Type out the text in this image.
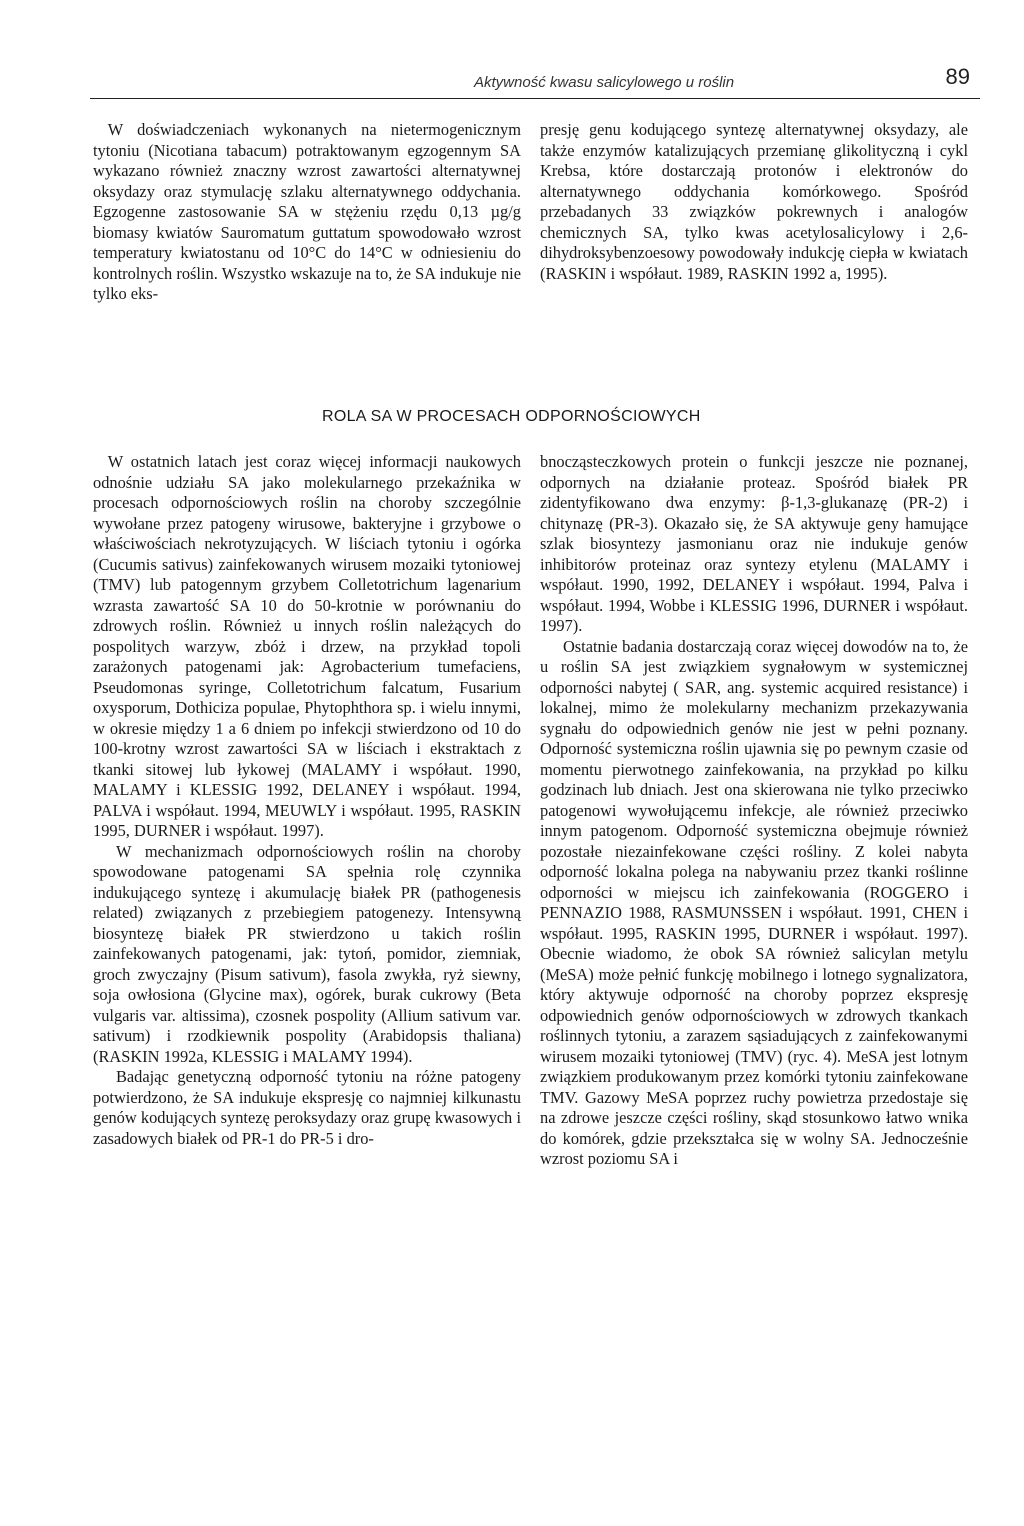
Aktywność kwasu salicylowego u roślin	89

W doświadczeniach wykonanych na nietermogenicznym tytoniu (Nicotiana tabacum) potraktowanym egzogennym SA wykazano również znaczny wzrost zawartości alternatywnej oksydazy oraz stymulację szlaku alternatywnego oddychania. Egzogenne zastosowanie SA w stężeniu rzędu 0,13 µg/g biomasy kwiatów Sauromatum guttatum spowodowało wzrost temperatury kwiatostanu od 10°C do 14°C w odniesieniu do kontrolnych roślin. Wszystko wskazuje na to, że SA indukuje nie tylko eks-

presję genu kodującego syntezę alternatywnej oksydazy, ale także enzymów katalizujących przemianę glikolityczną i cykl Krebsa, które dostarczają protonów i elektronów do alternatywnego oddychania komórkowego. Spośród przebadanych 33 związków pokrewnych i analogów chemicznych SA, tylko kwas acetylosalicylowy i 2,6-dihydroksybenzoesowy powodowały indukcję ciepła w kwiatach (RASKIN i współaut. 1989, RASKIN 1992 a, 1995).

ROLA SA W PROCESACH ODPORNOŚCIOWYCH

W ostatnich latach jest coraz więcej informacji naukowych odnośnie udziału SA jako molekularnego przekaźnika w procesach odpornościowych roślin na choroby szczególnie wywołane przez patogeny wirusowe, bakteryjne i grzybowe o właściwościach nekrotyzujących. W liściach tytoniu i ogórka (Cucumis sativus) zainfekowanych wirusem mozaiki tytoniowej (TMV) lub patogennym grzybem Colletotrichum lagenarium wzrasta zawartość SA 10 do 50-krotnie w porównaniu do zdrowych roślin. Również u innych roślin należących do pospolitych warzyw, zbóż i drzew, na przykład topoli zarażonych patogenami jak: Agrobacterium tumefaciens, Pseudomonas syringe, Colletotrichum falcatum, Fusarium oxysporum, Dothiciza populae, Phytophthora sp. i wielu innymi, w okresie między 1 a 6 dniem po infekcji stwierdzono od 10 do 100-krotny wzrost zawartości SA w liściach i ekstraktach z tkanki sitowej lub łykowej (MALAMY i współaut. 1990, MALAMY i KLESSIG 1992, DELANEY i współaut. 1994, PALVA i współaut. 1994, MEUWLY i współaut. 1995, RASKIN 1995, DURNER i współaut. 1997).

W mechanizmach odpornościowych roślin na choroby spowodowane patogenami SA spełnia rolę czynnika indukującego syntezę i akumulację białek PR (pathogenesis related) związanych z przebiegiem patogenezy. Intensywną biosyntezę białek PR stwierdzono u takich roślin zainfekowanych patogenami, jak: tytoń, pomidor, ziemniak, groch zwyczajny (Pisum sativum), fasola zwykła, ryż siewny, soja owłosiona (Glycine max), ogórek, burak cukrowy (Beta vulgaris var. altissima), czosnek pospolity (Allium sativum var. sativum) i rzodkiewnik pospolity (Arabidopsis thaliana) (RASKIN 1992a, KLESSIG i MALAMY 1994).

Badając genetyczną odporność tytoniu na różne patogeny potwierdzono, że SA indukuje ekspresję co najmniej kilkunastu genów kodujących syntezę peroksydazy oraz grupę kwasowych i zasadowych białek od PR-1 do PR-5 i dro-

bnocząsteczkowych protein o funkcji jeszcze nie poznanej, odpornych na działanie proteaz. Spośród białek PR zidentyfikowano dwa enzymy: β-1,3-glukanazę (PR-2) i chitynazę (PR-3). Okazało się, że SA aktywuje geny hamujące szlak biosyntezy jasmonianu oraz nie indukuje genów inhibitorów proteinaz oraz syntezy etylenu (MALAMY i współaut. 1990, 1992, DELANEY i współaut. 1994, Palva i współaut. 1994, Wobbe i KLESSIG 1996, DURNER i współaut. 1997).

Ostatnie badania dostarczają coraz więcej dowodów na to, że u roślin SA jest związkiem sygnałowym w systemicznej odporności nabytej ( SAR, ang. systemic acquired resistance) i lokalnej, mimo że molekularny mechanizm przekazywania sygnału do odpowiednich genów nie jest w pełni poznany. Odporność systemiczna roślin ujawnia się po pewnym czasie od momentu pierwotnego zainfekowania, na przykład po kilku godzinach lub dniach. Jest ona skierowana nie tylko przeciwko patogenowi wywołującemu infekcje, ale również przeciwko innym patogenom. Odporność systemiczna obejmuje również pozostałe niezainfekowane części rośliny. Z kolei nabyta odporność lokalna polega na nabywaniu przez tkanki roślinne odporności w miejscu ich zainfekowania (ROGGERO i PENNAZIO 1988, RASMUNSSEN i współaut. 1991, CHEN i współaut. 1995, RASKIN 1995, DURNER i współaut. 1997). Obecnie wiadomo, że obok SA również salicylan metylu (MeSA) może pełnić funkcję mobilnego i lotnego sygnalizatora, który aktywuje odporność na choroby poprzez ekspresję odpowiednich genów odpornościowych w zdrowych tkankach roślinnych tytoniu, a zarazem sąsiadujących z zainfekowanymi wirusem mozaiki tytoniowej (TMV) (ryc. 4). MeSA jest lotnym związkiem produkowanym przez komórki tytoniu zainfekowane TMV. Gazowy MeSA poprzez ruchy powietrza przedostaje się na zdrowe jeszcze części rośliny, skąd stosunkowo łatwo wnika do komórek, gdzie przekształca się w wolny SA. Jednocześnie wzrost poziomu SA i
